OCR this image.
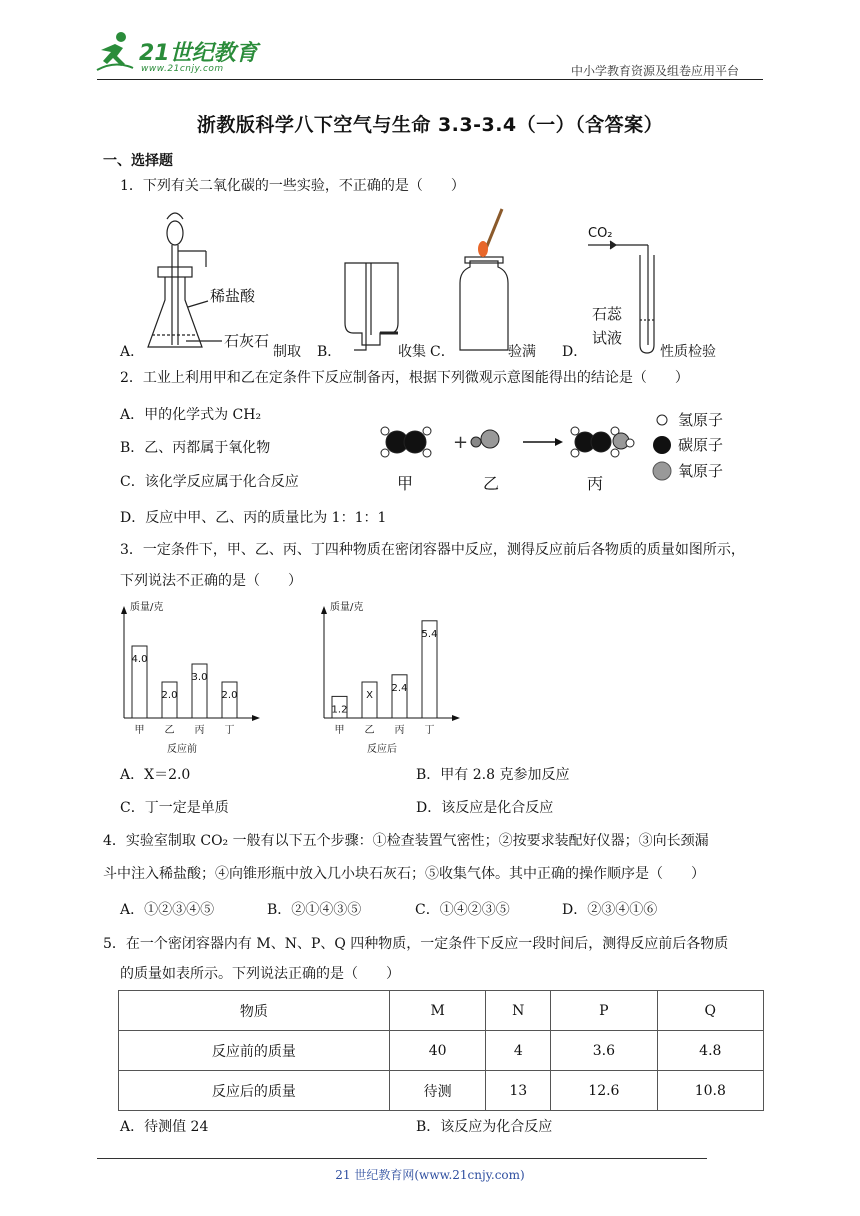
21世纪教育
www.21cnjy.com	中小学教育资源及组卷应用平台
浙教版科学八下空气与生命 3.3-3.4（一）（含答案）
一、选择题
1．下列有关二氧化碳的一些实验，不正确的是（　　）
稀盐酸
石灰石
CO₂
石蕊
试液
A．	制取 B．	收集 C．	验满 D．	性质检验
2．工业上利用甲和乙在定条件下反应制备丙，根据下列微观示意图能得出的结论是（　　）
A．甲的化学式为 CH₂
B．乙、丙都属于氧化物
C．该化学反应属于化合反应
D．反应中甲、乙、丙的质量比为 1：1：1
+
甲	乙	丙
氢原子
碳原子
氧原子
3．一定条件下，甲、乙、丙、丁四种物质在密闭容器中反应，测得反应前后各物质的质量如图所示，
下列说法不正确的是（　　）
质量/克
4.0
甲
2.0
乙
3.0
丙
2.0
丁
反应前
质量/克
1.2
甲
X
乙
2.4
丙
5.4
丁
反应后
A．X＝2.0	B．甲有 2.8 克参加反应
C．丁一定是单质	D．该反应是化合反应
4．实验室制取 CO₂ 一般有以下五个步骤：①检查装置气密性；②按要求装配好仪器；③向长颈漏
斗中注入稀盐酸；④向锥形瓶中放入几小块石灰石；⑤收集气体。其中正确的操作顺序是（　　）
A．①②③④⑤	B．②①④③⑤	C．①④②③⑤	D．②③④①⑥
5．在一个密闭容器内有 M、N、P、Q 四种物质，一定条件下反应一段时间后，测得反应前后各物质
的质量如表所示。下列说法正确的是（　　）
物质	M	N	P	Q
反应前的质量	40	4	3.6	4.8
反应后的质量	待测	13	12.6	10.8
A．待测值 24	B．该反应为化合反应
21 世纪教育网(www.21cnjy.com)
